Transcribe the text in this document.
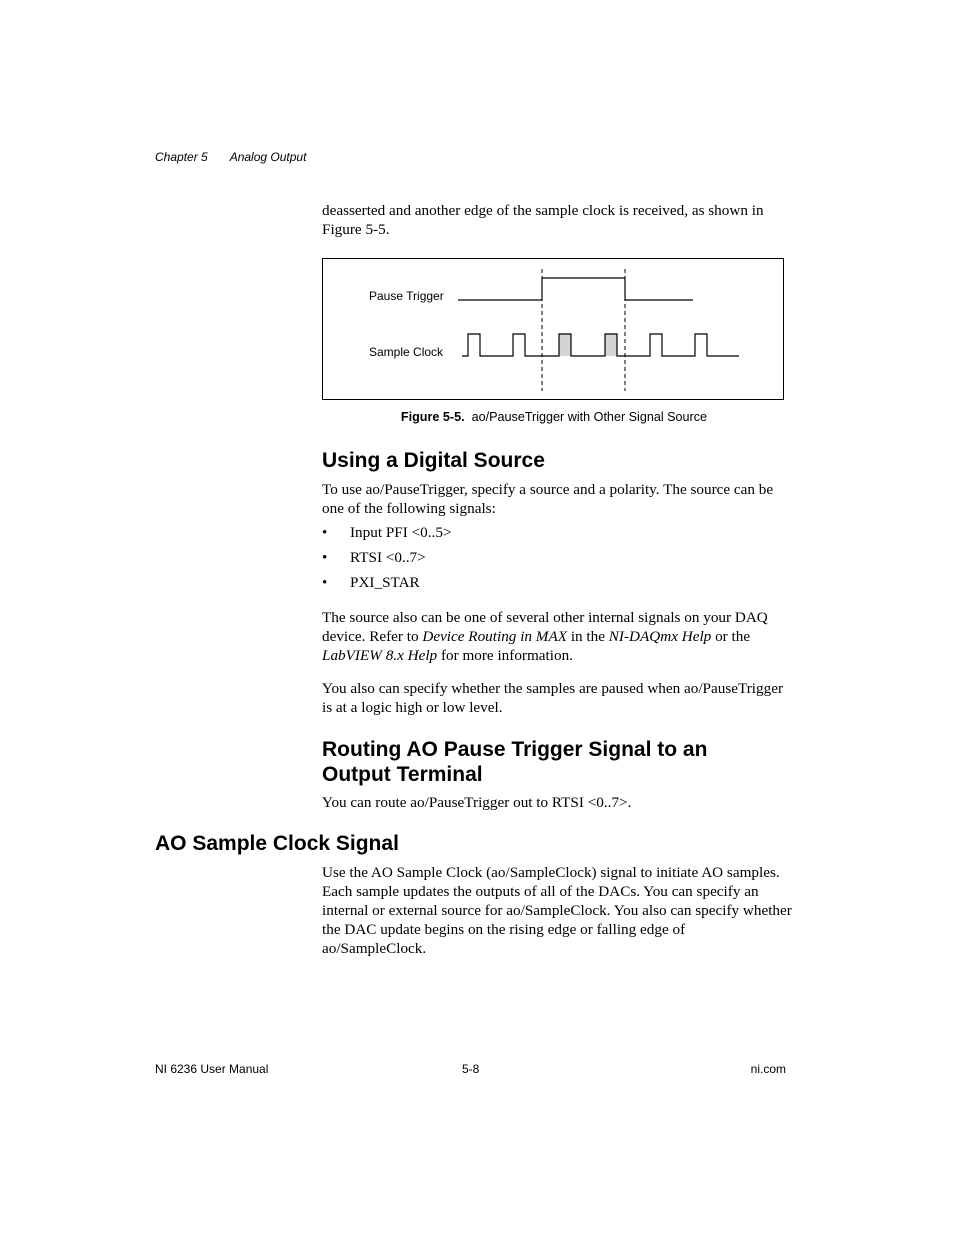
Chapter 5 Analog Output
deasserted and another edge of the sample clock is received, as shown in Figure 5-5.
Pause Trigger
Sample Clock
Figure 5-5. ao/PauseTrigger with Other Signal Source
Using a Digital Source
To use ao/PauseTrigger, specify a source and a polarity. The source can be one of the following signals:
• Input PFI <0..5>
• RTSI <0..7>
• PXI_STAR
The source also can be one of several other internal signals on your DAQ device. Refer to Device Routing in MAX in the NI-DAQmx Help or the LabVIEW 8.x Help for more information.
You also can specify whether the samples are paused when ao/PauseTrigger is at a logic high or low level.
Routing AO Pause Trigger Signal to an Output Terminal
You can route ao/PauseTrigger out to RTSI <0..7>.
AO Sample Clock Signal
Use the AO Sample Clock (ao/SampleClock) signal to initiate AO samples. Each sample updates the outputs of all of the DACs. You can specify an internal or external source for ao/SampleClock. You also can specify whether the DAC update begins on the rising edge or falling edge of ao/SampleClock.
NI 6236 User Manual	5-8	ni.com
